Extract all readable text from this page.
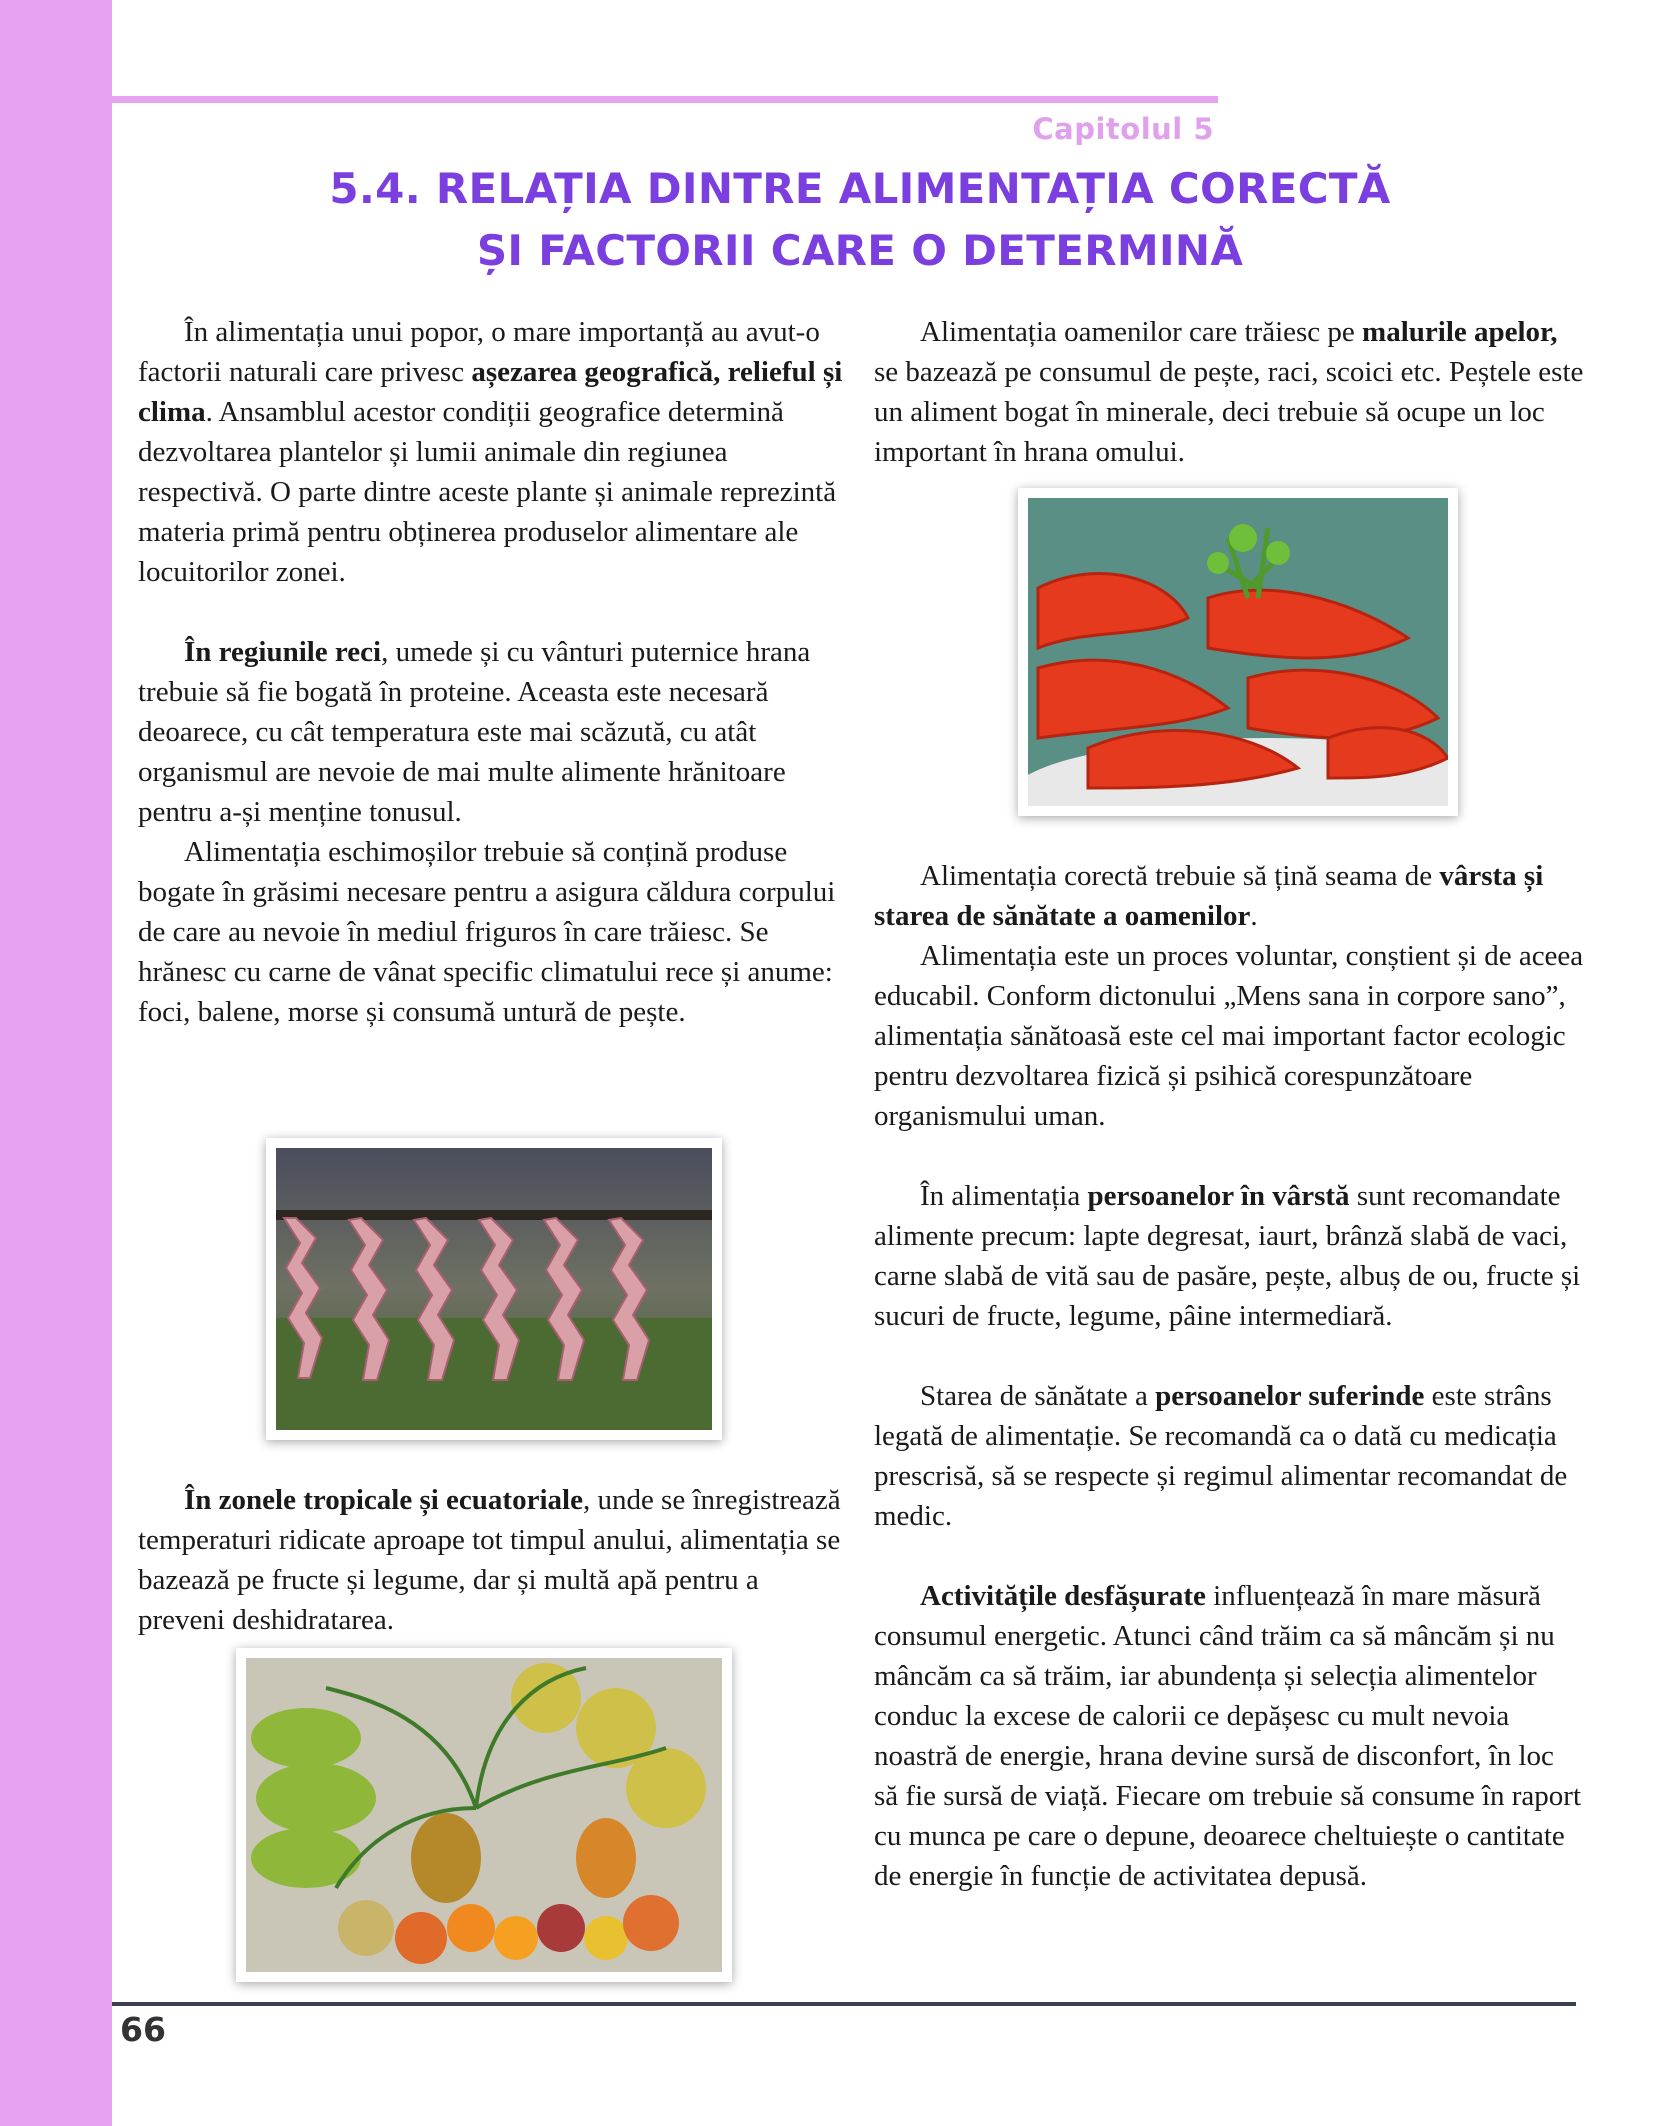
Capitolul 5
5.4. RELAȚIA DINTRE ALIMENTAȚIA CORECTĂ
ȘI FACTORII CARE O DETERMINĂ

În alimentația unui popor, o mare importanță au avut-o factorii naturali care privesc așezarea geografică, relieful și clima. Ansamblul acestor condiții geografice determină dezvoltarea plantelor și lumii animale din regiunea respectivă. O parte dintre aceste plante și animale reprezintă materia primă pentru obținerea produselor alimentare ale locuitorilor zonei.

În regiunile reci, umede și cu vânturi puternice hrana trebuie să fie bogată în proteine. Aceasta este necesară deoarece, cu cât temperatura este mai scăzută, cu atât organismul are nevoie de mai multe alimente hrănitoare pentru a-și menține tonusul.

Alimentația eschimoșilor trebuie să conțină produse bogate în grăsimi necesare pentru a asigura căldura corpului de care au nevoie în mediul friguros în care trăiesc. Se hrănesc cu carne de vânat specific climatului rece și anume: foci, balene, morse și consumă untură de pește.

În zonele tropicale și ecuatoriale, unde se înregistrează temperaturi ridicate aproape tot timpul anului, alimentația se bazează pe fructe și legume, dar și multă apă pentru a preveni deshidratarea.

Alimentația oamenilor care trăiesc pe malurile apelor, se bazează pe consumul de pește, raci, scoici etc. Peștele este un aliment bogat în minerale, deci trebuie să ocupe un loc important în hrana omului.

Alimentația corectă trebuie să țină seama de vârsta și starea de sănătate a oamenilor.

Alimentația este un proces voluntar, conștient și de aceea educabil. Conform dictonului „Mens sana in corpore sano”, alimentația sănătoasă este cel mai important factor ecologic pentru dezvoltarea fizică și psihică corespunzătoare organismului uman.

În alimentația persoanelor în vârstă sunt recomandate alimente precum: lapte degresat, iaurt, brânză slabă de vaci, carne slabă de vită sau de pasăre, pește, albuș de ou, fructe și sucuri de fructe, legume, pâine intermediară.

Starea de sănătate a persoanelor suferinde este strâns legată de alimentație. Se recomandă ca o dată cu medicația prescrisă, să se respecte și regimul alimentar recomandat de medic.

Activitățile desfășurate influențează în mare măsură consumul energetic. Atunci când trăim ca să mâncăm și nu mâncăm ca să trăim, iar abundența și selecția alimentelor conduc la excese de calorii ce depășesc cu mult nevoia noastră de energie, hrana devine sursă de disconfort, în loc să fie sursă de viață. Fiecare om trebuie să consume în raport cu munca pe care o depune, deoarece cheltuiește o cantitate de energie în funcție de activitatea depusă.

66
